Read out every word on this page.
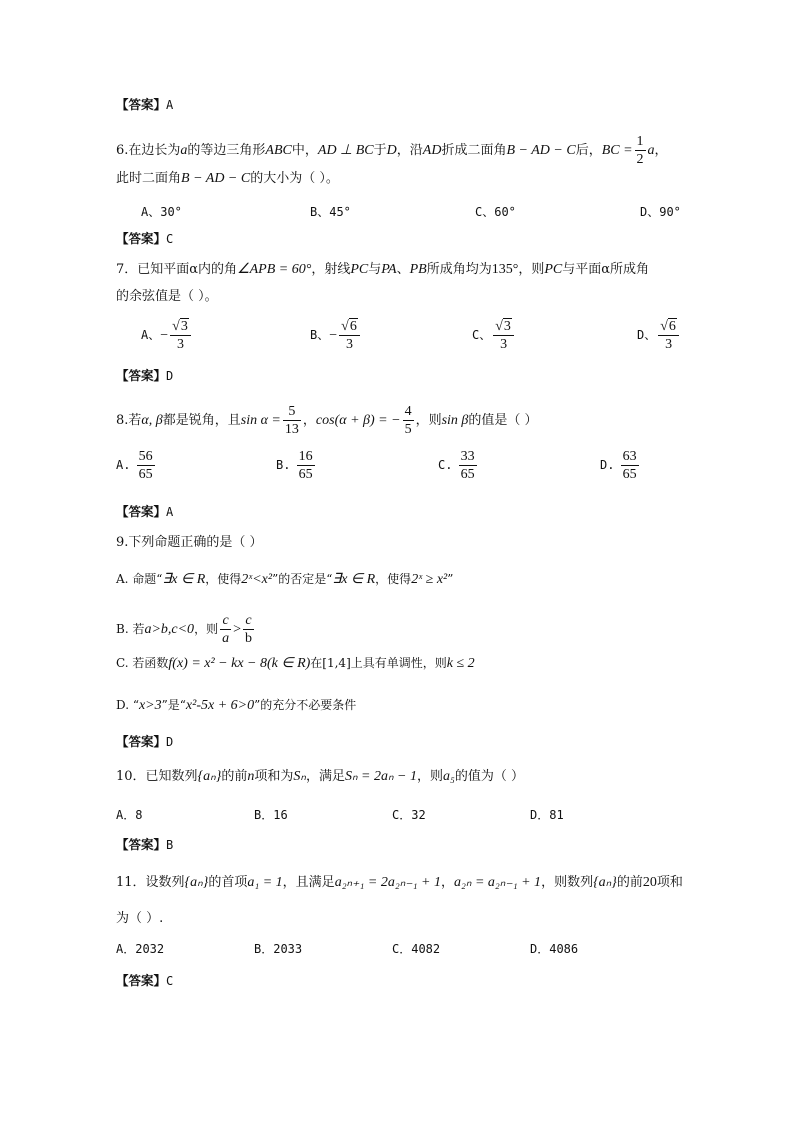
【答案】A
6.在边长为a的等边三角形ABC中，AD ⊥ BC于D，沿AD折成二面角B − AD − C后，BC = $\frac{1}{2}$ a，
此时二面角B − AD − C的大小为（ ）。
A、30°	B、45°	C、60°	D、90°
【答案】C
7．已知平面α内的角∠APB = 60°，射线PC与PA、PB所成角均为135°，则PC与平面α所成角
的余弦值是（ ）。
A、− $\frac{√3}{3}$	B、− $\frac{√6}{3}$	C、 $\frac{√3}{3}$	D、 $\frac{√6}{3}$
【答案】D
8.若α, β都是锐角，且$\sin \alpha = \frac{5}{13}$ ，cos(α + β) = − $\frac{4}{5}$ ，则sin β的值是（ ）
A. $\frac{56}{65}$	B. $\frac{16}{65}$	C. $\frac{33}{65}$	D. $\frac{63}{65}$
【答案】A
9.下列命题正确的是（ ）
A. 命题“∃x ∈ R，使得2ˣ<x²”的否定是“∃x ∈ R，使得2ˣ ≥ x²”
B. 若a>b,c<0，则 $\frac{c}{a} > \frac{c}{b}$
C. 若函数f(x) = x² − kx − 8(k ∈ R)在[1,4]上具有单调性，则k ≤ 2
D. “x>3”是“x²-5x + 6>0”的充分不必要条件
【答案】D
10．已知数列{aₙ}的前n项和为Sₙ，满足Sₙ = 2aₙ − 1，则a₅的值为（ ）
A．8	B．16	C．32	D．81
【答案】B
11．设数列{aₙ}的首项a₁ = 1，且满足a₂ₙ₊₁ = 2a₂ₙ₋₁ + 1，a₂ₙ = a₂ₙ₋₁ + 1，则数列{aₙ}的前20项和
为（ ）.
A．2032	B．2033	C．4082	D．4086
【答案】C
